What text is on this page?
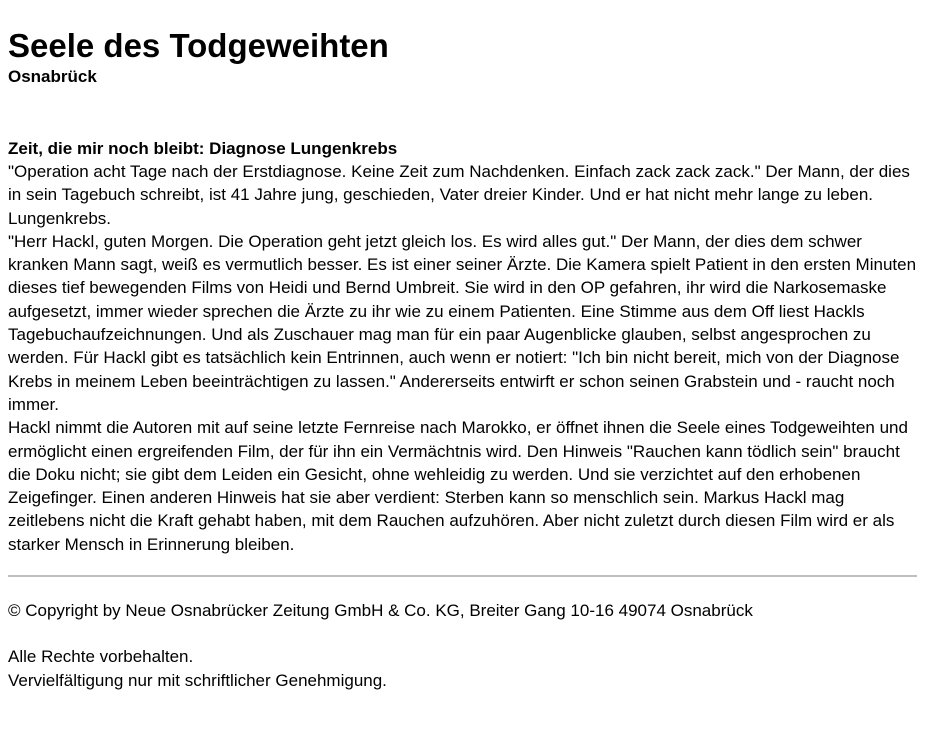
Seele des Todgeweihten

Osnabrück

Zeit, die mir noch bleibt: Diagnose Lungenkrebs

"Operation acht Tage nach der Erstdiagnose. Keine Zeit zum Nachdenken. Einfach zack zack zack." Der Mann, der dies in sein Tagebuch schreibt, ist 41 Jahre jung, geschieden, Vater dreier Kinder. Und er hat nicht mehr lange zu leben. Lungenkrebs.

"Herr Hackl, guten Morgen. Die Operation geht jetzt gleich los. Es wird alles gut." Der Mann, der dies dem schwer kranken Mann sagt, weiß es vermutlich besser. Es ist einer seiner Ärzte. Die Kamera spielt Patient in den ersten Minuten dieses tief bewegenden Films von Heidi und Bernd Umbreit. Sie wird in den OP gefahren, ihr wird die Narkosemaske aufgesetzt, immer wieder sprechen die Ärzte zu ihr wie zu einem Patienten. Eine Stimme aus dem Off liest Hackls Tagebuchaufzeichnungen. Und als Zuschauer mag man für ein paar Augenblicke glauben, selbst angesprochen zu werden. Für Hackl gibt es tatsächlich kein Entrinnen, auch wenn er notiert: "Ich bin nicht bereit, mich von der Diagnose Krebs in meinem Leben beeinträchtigen zu lassen." Andererseits entwirft er schon seinen Grabstein und - raucht noch immer.

Hackl nimmt die Autoren mit auf seine letzte Fernreise nach Marokko, er öffnet ihnen die Seele eines Todgeweihten und ermöglicht einen ergreifenden Film, der für ihn ein Vermächtnis wird. Den Hinweis "Rauchen kann tödlich sein" braucht die Doku nicht; sie gibt dem Leiden ein Gesicht, ohne wehleidig zu werden. Und sie verzichtet auf den erhobenen Zeigefinger. Einen anderen Hinweis hat sie aber verdient: Sterben kann so menschlich sein. Markus Hackl mag zeitlebens nicht die Kraft gehabt haben, mit dem Rauchen aufzuhören. Aber nicht zuletzt durch diesen Film wird er als starker Mensch in Erinnerung bleiben.

© Copyright by Neue Osnabrücker Zeitung GmbH & Co. KG, Breiter Gang 10-16 49074 Osnabrück

Alle Rechte vorbehalten.

Vervielfältigung nur mit schriftlicher Genehmigung.
